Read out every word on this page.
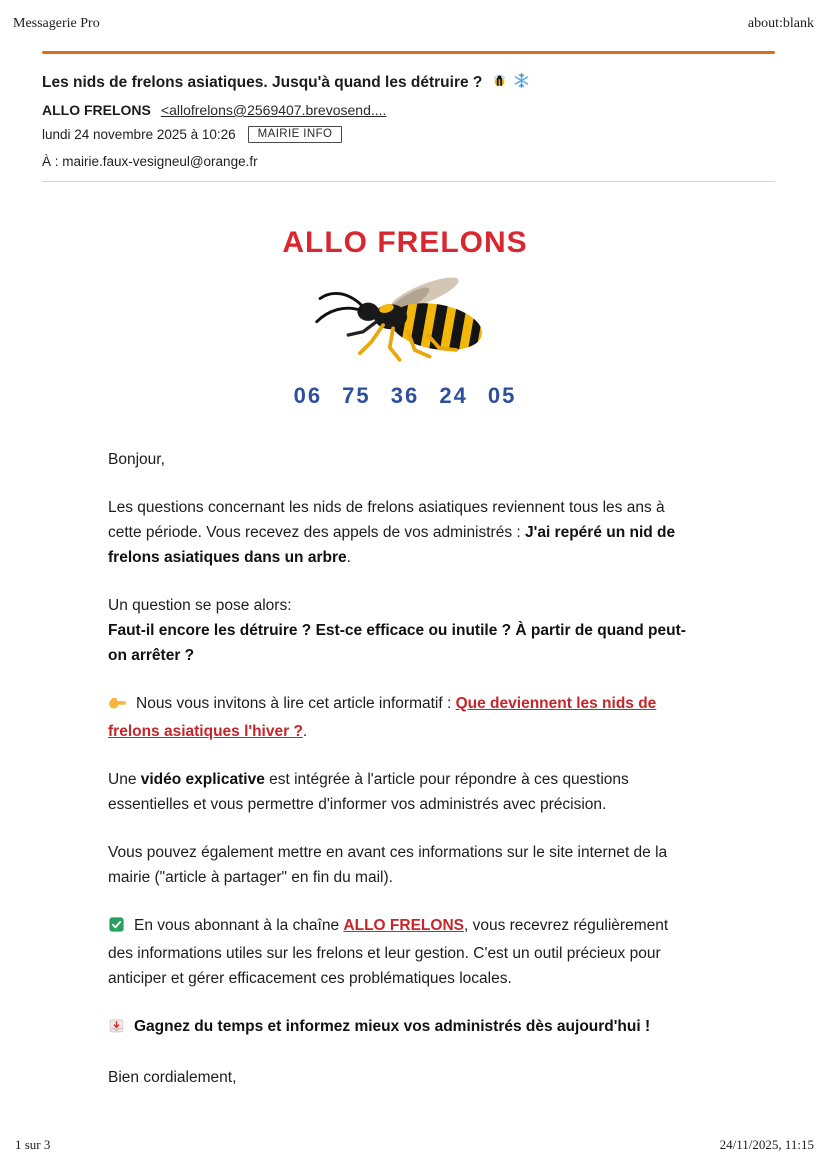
Messagerie Pro	about:blank
Les nids de frelons asiatiques. Jusqu'à quand les détruire ?
ALLO FRELONS <allofrelons@2569407.brevosend....
lundi 24 novembre 2025 à 10:26	MAIRIE INFO
À : mairie.faux-vesigneul@orange.fr
ALLO FRELONS
06 75 36 24 05

Bonjour,

Les questions concernant les nids de frelons asiatiques reviennent tous les ans à cette période. Vous recevez des appels de vos administrés : J'ai repéré un nid de frelons asiatiques dans un arbre.

Un question se pose alors:
Faut-il encore les détruire ? Est-ce efficace ou inutile ? À partir de quand peut-on arrêter ?

Nous vous invitons à lire cet article informatif : Que deviennent les nids de frelons asiatiques l'hiver ?.

Une vidéo explicative est intégrée à l'article pour répondre à ces questions essentielles et vous permettre d'informer vos administrés avec précision.

Vous pouvez également mettre en avant ces informations sur le site internet de la mairie ("article à partager" en fin du mail).

En vous abonnant à la chaîne ALLO FRELONS, vous recevrez régulièrement des informations utiles sur les frelons et leur gestion. C'est un outil précieux pour anticiper et gérer efficacement ces problématiques locales.

Gagnez du temps et informez mieux vos administrés dès aujourd'hui !

Bien cordialement,

1 sur 3	24/11/2025, 11:15
